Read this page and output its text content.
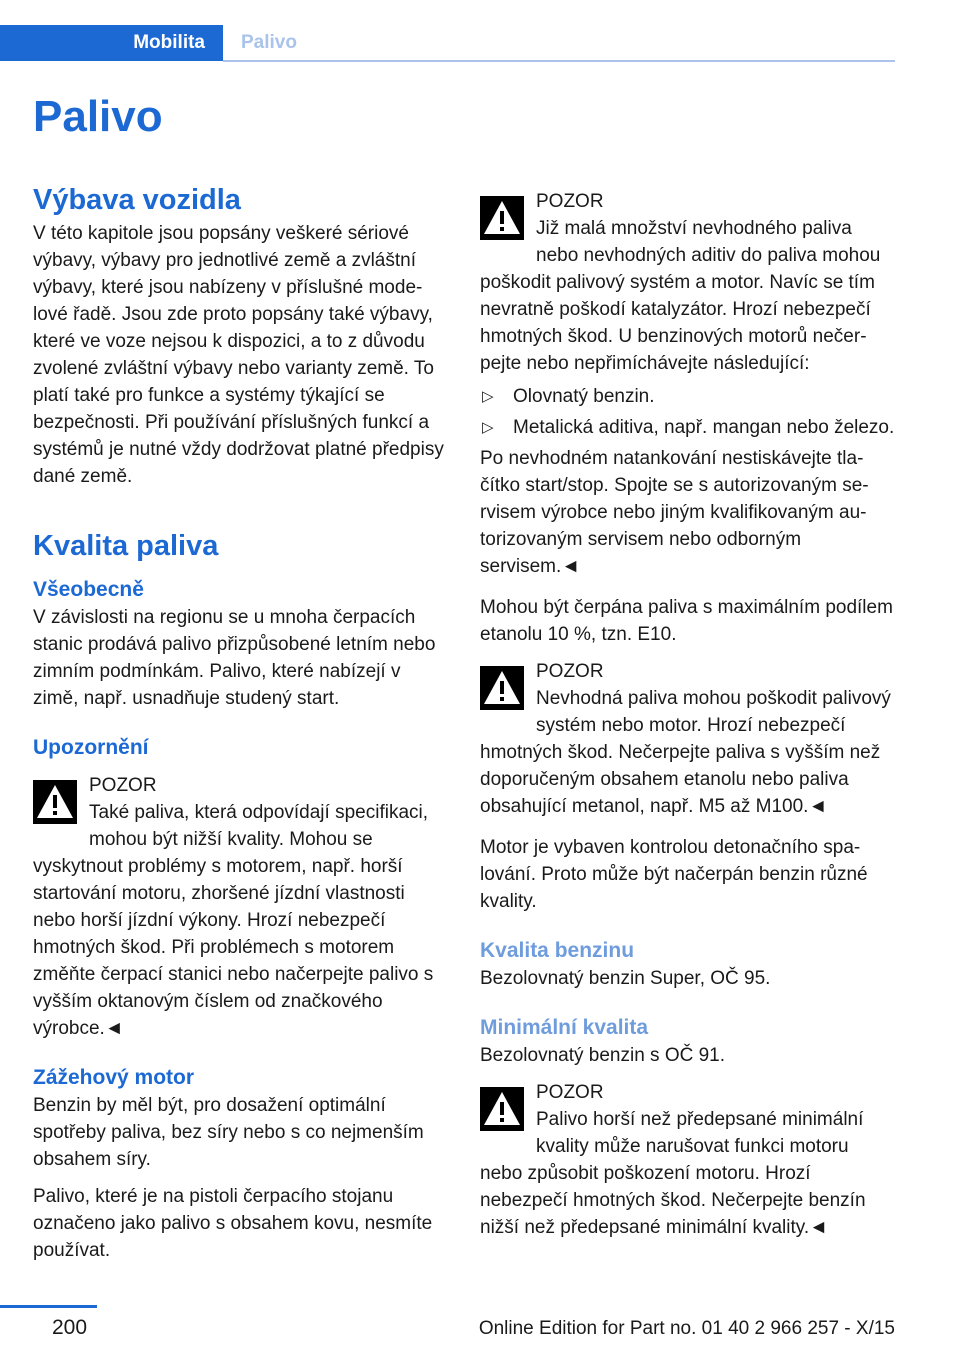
Mobilita	Palivo
Palivo
Výbava vozidla

V této kapitole jsou popsány veškeré sériové výbavy, výbavy pro jednotlivé země a zvláštní výbavy, které jsou nabízeny v příslušné modelové řadě. Jsou zde proto popsány také výbavy, které ve voze nejsou k dispozici, a to z důvodu zvolené zvláštní výbavy nebo varianty země. To platí také pro funkce a systémy týkající se bezpečnosti. Při používání příslušných funkcí a systémů je nutné vždy dodržovat platné předpisy dané země.

Kvalita paliva
Všeobecně

V závislosti na regionu se u mnoha čerpacích stanic prodává palivo přizpůsobené letním nebo zimním podmínkám. Palivo, které nabízejí v zimě, např. usnadňuje studený start.

Upozornění
POZOR
Také paliva, která odpovídají specifikaci, mohou být nižší kvality. Mohou se vyskytnout problémy s motorem, např. horší startování motoru, zhoršené jízdní vlastnosti nebo horší jízdní výkony. Hrozí nebezpečí hmotných škod. Při problémech s motorem změňte čerpací stanici nebo načerpejte palivo s vyšším oktanovým číslem od značkového výrobce.◄
Zážehový motor

Benzin by měl být, pro dosažení optimální spotřeby paliva, bez síry nebo s co nejmenším obsahem síry.

Palivo, které je na pistoli čerpacího stojanu označeno jako palivo s obsahem kovu, nesmíte používat.

POZOR
Již malá množství nevhodného paliva nebo nevhodných aditiv do paliva mohou poškodit palivový systém a motor. Navíc se tím nevratně poškodí katalyzátor. Hrozí nebezpečí hmotných škod. U benzinových motorů nečerpejte nebo nepřimíchávejte následující:
▷ Olovnatý benzin.
▷ Metalická aditiva, např. mangan nebo železo.

Po nevhodném natankování nestiskávejte tlačítko start/stop. Spojte se s autorizovaným servisem výrobce nebo jiným kvalifikovaným autorizovaným servisem nebo odborným servisem.◄

Mohou být čerpána paliva s maximálním podílem etanolu 10 %, tzn. E10.

POZOR
Nevhodná paliva mohou poškodit palivový systém nebo motor. Hrozí nebezpečí hmotných škod. Nečerpejte paliva s vyšším než doporučeným obsahem etanolu nebo paliva obsahující metanol, např. M5 až M100.◄

Motor je vybaven kontrolou detonačního spalování. Proto může být načerpán benzin různé kvality.

Kvalita benzinu

Bezolovnatý benzin Super, OČ 95.

Minimální kvalita

Bezolovnatý benzin s OČ 91.

POZOR
Palivo horší než předepsané minimální kvality může narušovat funkci motoru nebo způsobit poškození motoru. Hrozí nebezpečí hmotných škod. Nečerpejte benzín nižší než předepsané minimální kvality.◄
200	Online Edition for Part no. 01 40 2 966 257 - X/15
